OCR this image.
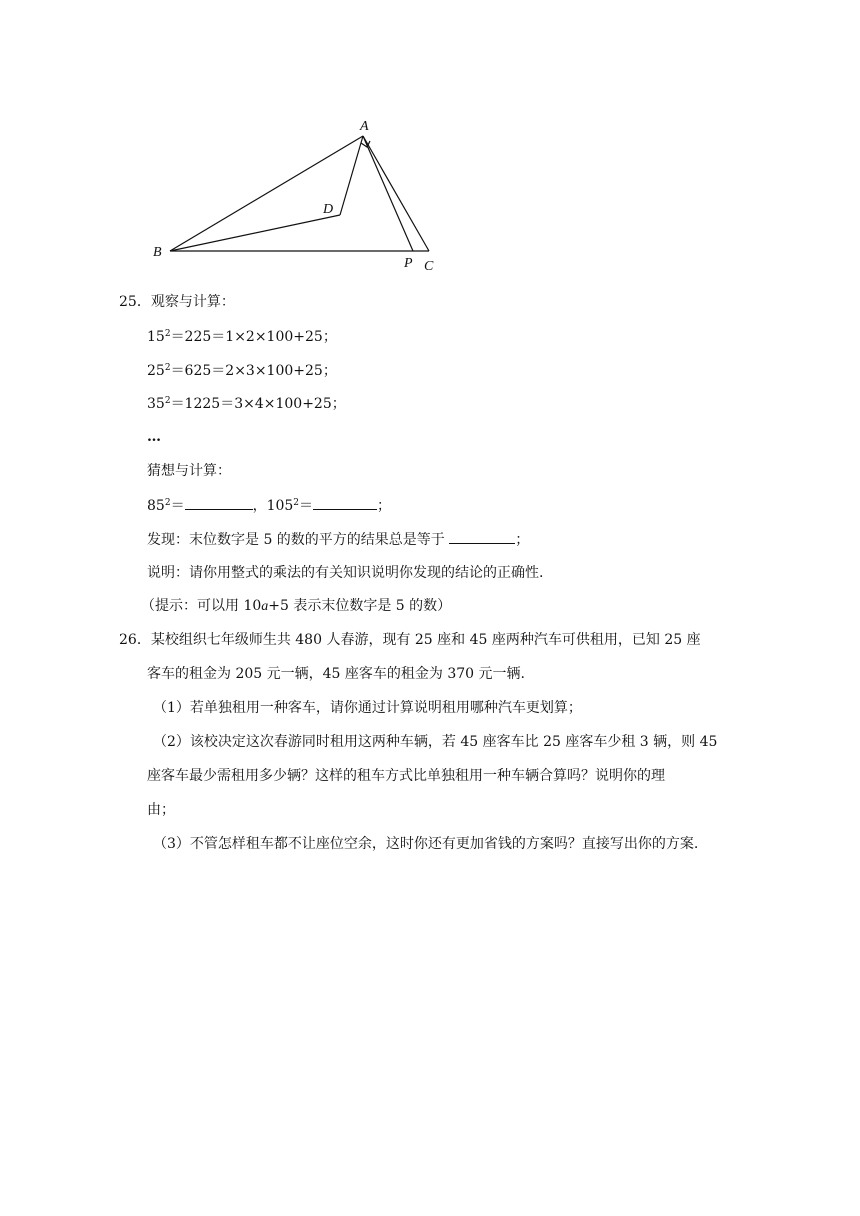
A
B
C
D
P
25．观察与计算：
$15^2=225=1\times 2\times 100+25$；
$25^2=625=2\times 3\times 100+25$；
$35^2=1225=3\times 4\times 100+25$；
…
猜想与计算：
$85^2=$	，$105^2=$	；
发现：末位数字是 5 的数的平方的结果总是等于	；
说明：请你用整式的乘法的有关知识说明你发现的结论的正确性.
（提示：可以用 10a+5 表示末位数字是 5 的数）
26．某校组织七年级师生共 480 人春游，现有 25 座和 45 座两种汽车可供租用，已知 25 座
客车的租金为 205 元一辆，45 座客车的租金为 370 元一辆.
（1）若单独租用一种客车，请你通过计算说明租用哪种汽车更划算；
（2）该校决定这次春游同时租用这两种车辆，若 45 座客车比 25 座客车少租 3 辆，则 45
座客车最少需租用多少辆？这样的租车方式比单独租用一种车辆合算吗？说明你的理
由；
（3）不管怎样租车都不让座位空余，这时你还有更加省钱的方案吗？直接写出你的方案.
